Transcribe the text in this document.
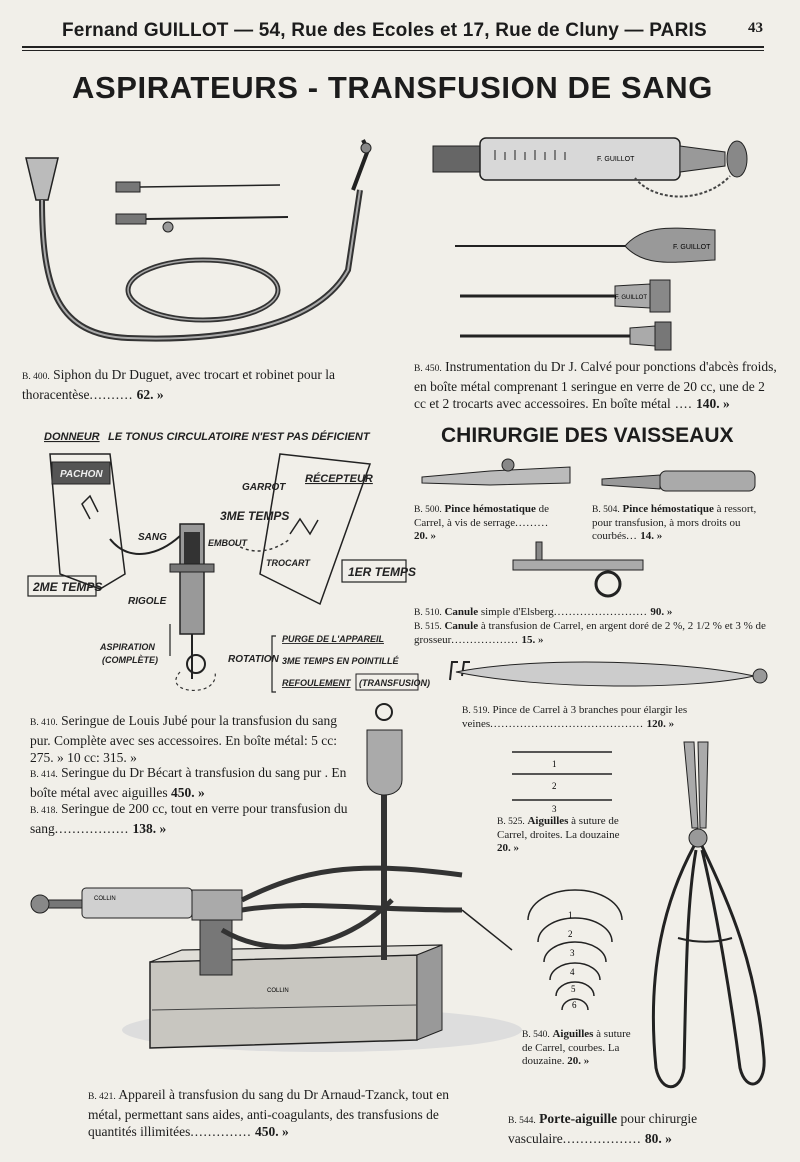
Fernand GUILLOT — 54, Rue des Ecoles et 17, Rue de Cluny — PARIS	43
ASPIRATEURS - TRANSFUSION DE SANG
B. 400. Siphon du Dr Duguet, avec trocart et robinet pour la thoracentèse.......... 62. »
F. GUILLOT
F. GUILLOT
F. GUILLOT
B. 450. Instrumentation du Dr J. Calvé pour ponctions d'abcès froids, en boîte métal comprenant 1 seringue en verre de 20 cc, une de 2 cc et 2 trocarts avec accessoires. En boîte métal .... 140. »
DONNEUR LE TONUS CIRCULATOIRE N'EST PAS DÉFICIENT
PACHON
2ME TEMPS
SANG
GARROT
RÉCEPTEUR
3ME TEMPS
EMBOUT
TROCART
1ER TEMPS
RIGOLE
ASPIRATION
(COMPLÈTE)	ROTATION
PURGE DE L'APPAREIL
3ME TEMPS EN POINTILLÉ
REFOULEMENT (TRANSFUSION)
B. 410. Seringue de Louis Jubé pour la transfusion du sang pur. Complète avec ses accessoires. En boîte métal: 5 cc: 275. » 10 cc: 315. »
B. 414. Seringue du Dr Bécart à transfusion du sang pur . En boîte métal avec aiguilles 450. »
B. 418. Seringue de 200 cc, tout en verre pour transfusion du sang................. 138. »
COLLIN
COLLIN
B. 421. Appareil à transfusion du sang du Dr Arnaud-Tzanck, tout en métal, permettant sans aides, anti-coagulants, des transfusions de quantités illimitées.............. 450. »
CHIRURGIE DES VAISSEAUX
B. 500. Pince hémostatique de Carrel, à vis de serrage......... 20. »
B. 504. Pince hémostatique à ressort, pour transfusion, à mors droits ou courbés... 14. »
B. 510. Canule simple d'Elsberg......................... 90. »
B. 515. Canule à transfusion de Carrel, en argent doré de 2 %, 2 1/2 % et 3 % de grosseur.................. 15. »
B. 519. Pince de Carrel à 3 branches pour élargir les veines......................................... 120. »
1
2
3
B. 525. Aiguilles à suture de Carrel, droites. La douzaine 20. »
1
2
3
4
5
6
B. 540. Aiguilles à suture de Carrel, courbes. La douzaine. 20. »
B. 544. Porte-aiguille pour chirurgie vasculaire.................. 80. »
